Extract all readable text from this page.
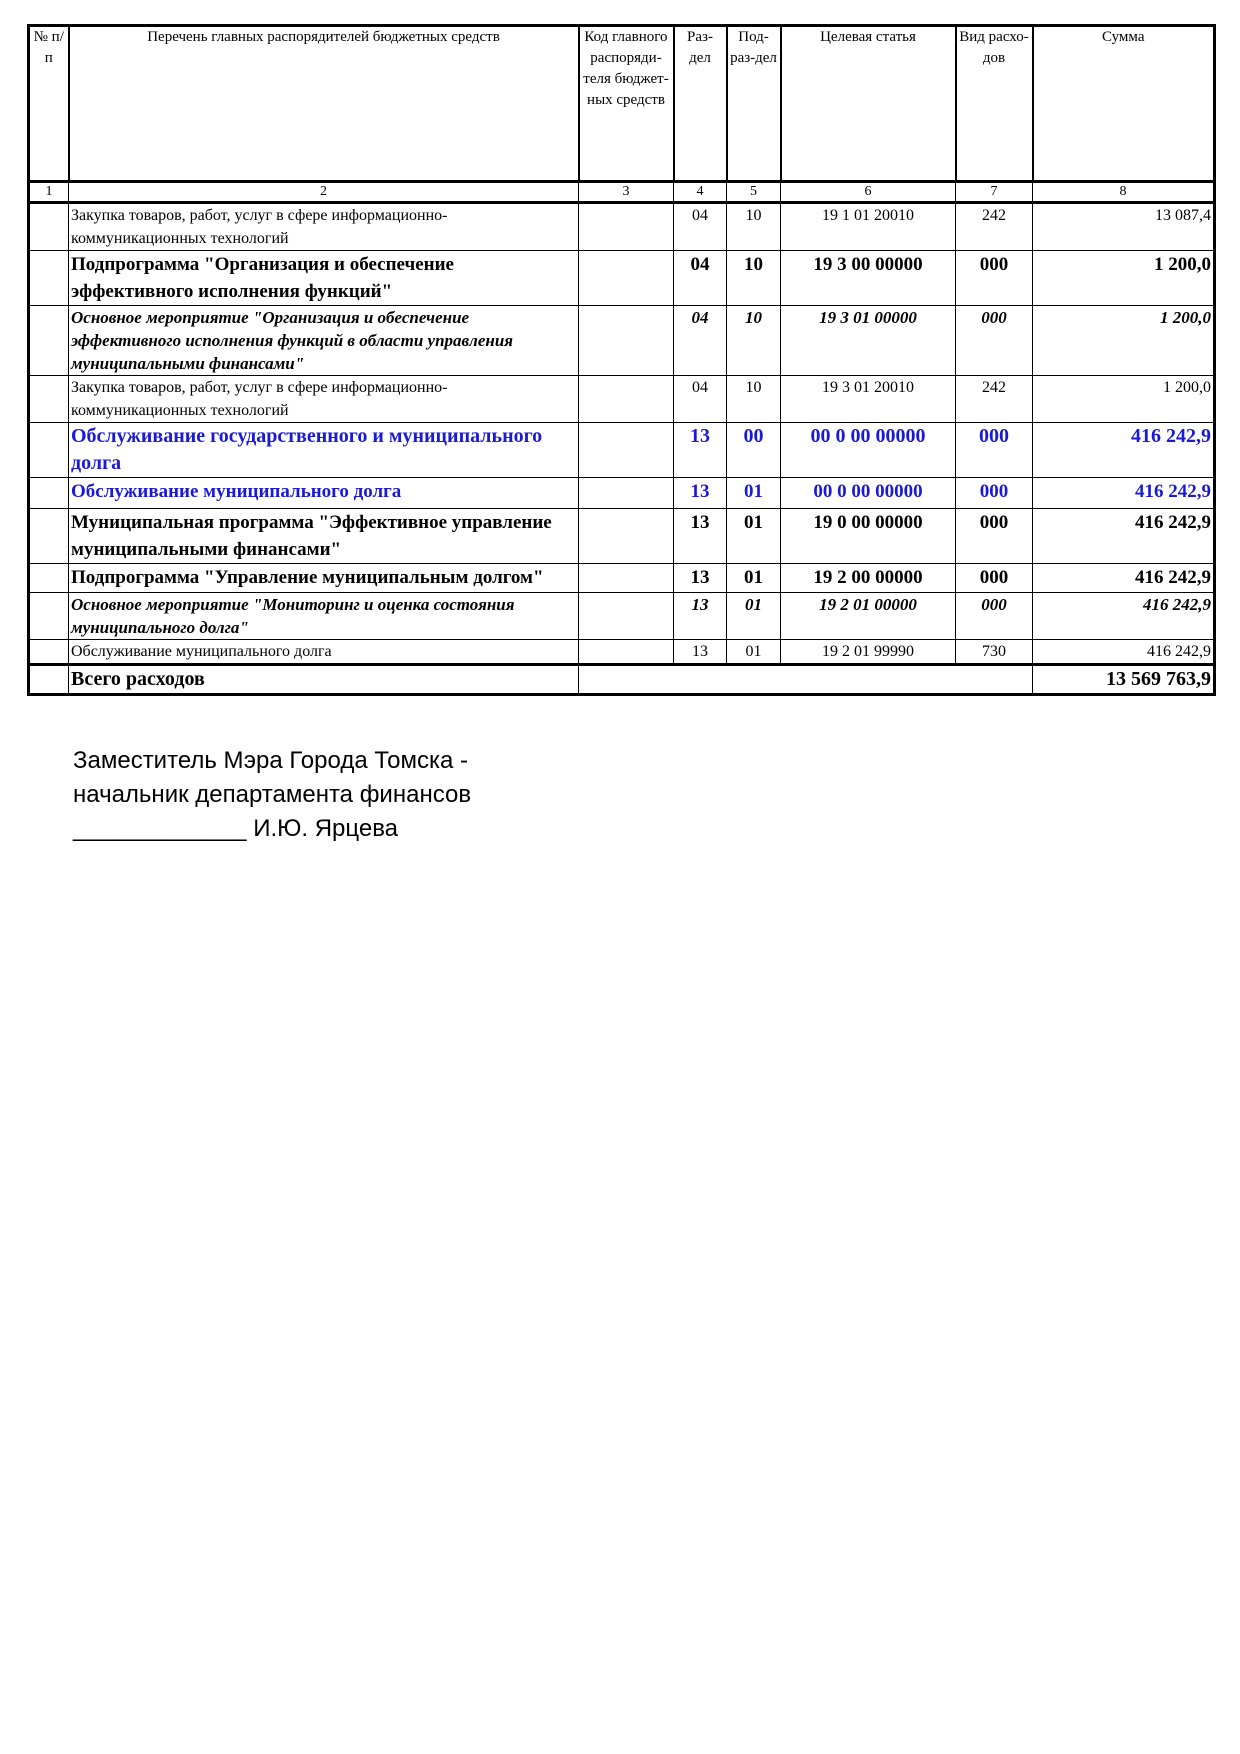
№ п/п	Перечень главных распорядителей бюджетных средств	Код главного распоряди-теля бюджет-ных средств	Раз-дел	Под-раз-дел	Целевая статья	Вид расхо-дов	Сумма
1	2	3	4	5	6	7	8
	Закупка товаров, работ, услуг в сфере информационно-коммуникационных технологий		04	10	19 1 01 20010	242	13 087,4
	Подпрограмма "Организация и обеспечение эффективного исполнения функций"		04	10	19 3 00 00000	000	1 200,0
	Основное мероприятие "Организация и обеспечение эффективного исполнения функций в области управления муниципальными финансами"		04	10	19 3 01 00000	000	1 200,0
	Закупка товаров, работ, услуг в сфере информационно-коммуникационных технологий		04	10	19 3 01 20010	242	1 200,0
	Обслуживание государственного и муниципального долга		13	00	00 0 00 00000	000	416 242,9
	Обслуживание муниципального долга		13	01	00 0 00 00000	000	416 242,9
	Муниципальная программа "Эффективное управление муниципальными финансами"		13	01	19 0 00 00000	000	416 242,9
	Подпрограмма "Управление муниципальным долгом"		13	01	19 2 00 00000	000	416 242,9
	Основное мероприятие "Мониторинг и оценка состояния муниципального долга"		13	01	19 2 01 00000	000	416 242,9
	Обслуживание муниципального долга		13	01	19 2 01 99990	730	416 242,9
	Всего расходов						13 569 763,9
Заместитель Мэра Города Томска -
начальник департамента финансов
_____________ И.Ю. Ярцева
